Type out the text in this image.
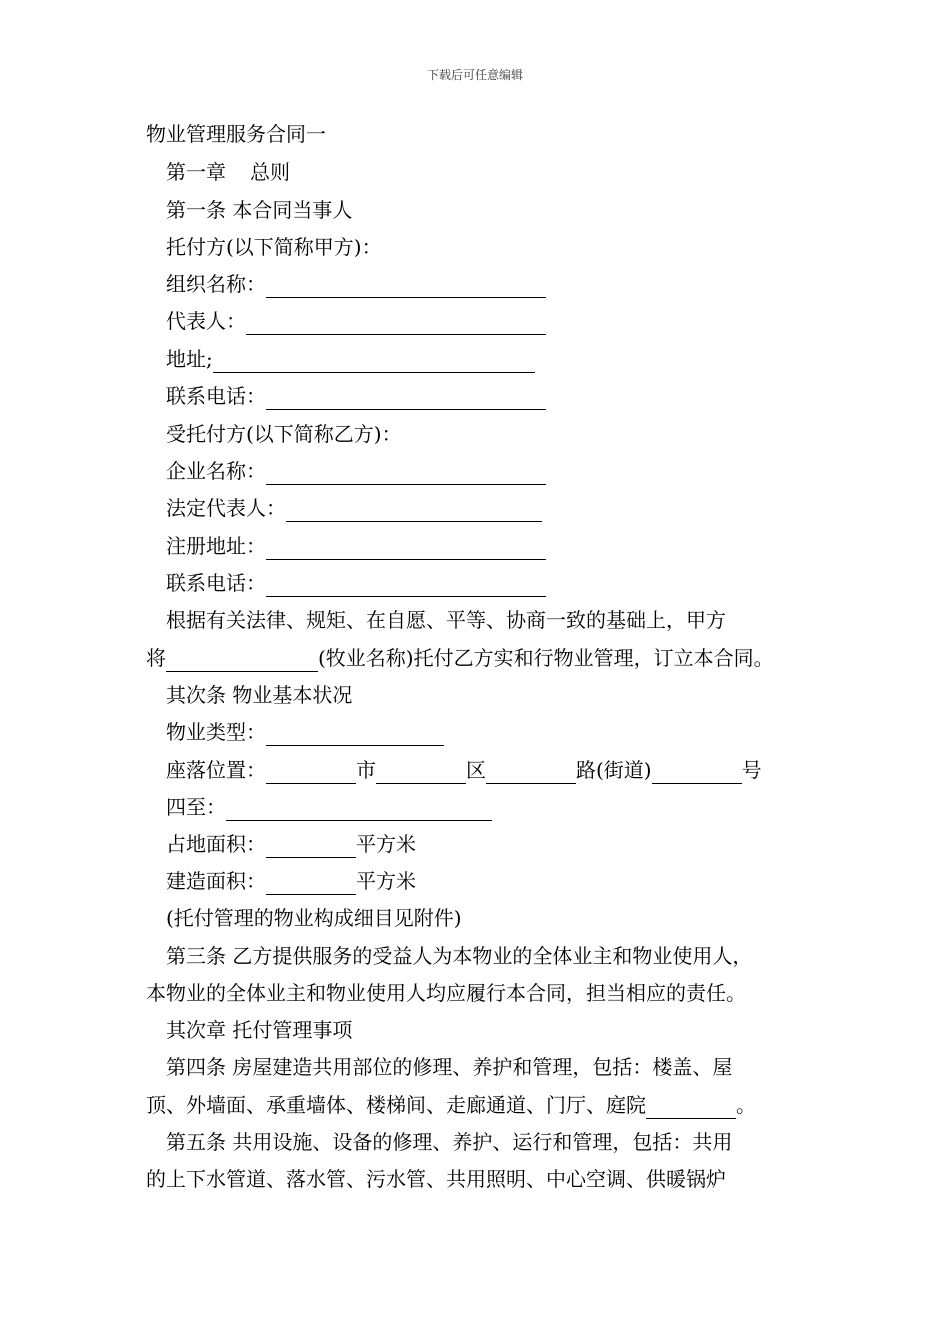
下载后可任意编辑
物业管理服务合同一
第一章 总则
第一条 本合同当事人
托付方(以下简称甲方)：
组织名称：
代表人：
地址;
联系电话：
受托付方(以下简称乙方)：
企业名称：
法定代表人：
注册地址：
联系电话：
根据有关法律、规矩、在自愿、平等、协商一致的基础上，甲方
将	(牧业名称)托付乙方实和行物业管理，订立本合同。
其次条 物业基本状况
物业类型：
座落位置：	市	区	路(街道)	号
四至：
占地面积：	平方米
建造面积：	平方米
(托付管理的物业构成细目见附件)
第三条 乙方提供服务的受益人为本物业的全体业主和物业使用人，
本物业的全体业主和物业使用人均应履行本合同，担当相应的责任。
其次章 托付管理事项
第四条 房屋建造共用部位的修理、养护和管理，包括：楼盖、屋
顶、外墙面、承重墙体、楼梯间、走廊通道、门厅、庭院	。
第五条 共用设施、设备的修理、养护、运行和管理，包括：共用
的上下水管道、落水管、污水管、共用照明、中心空调、供暖锅炉
